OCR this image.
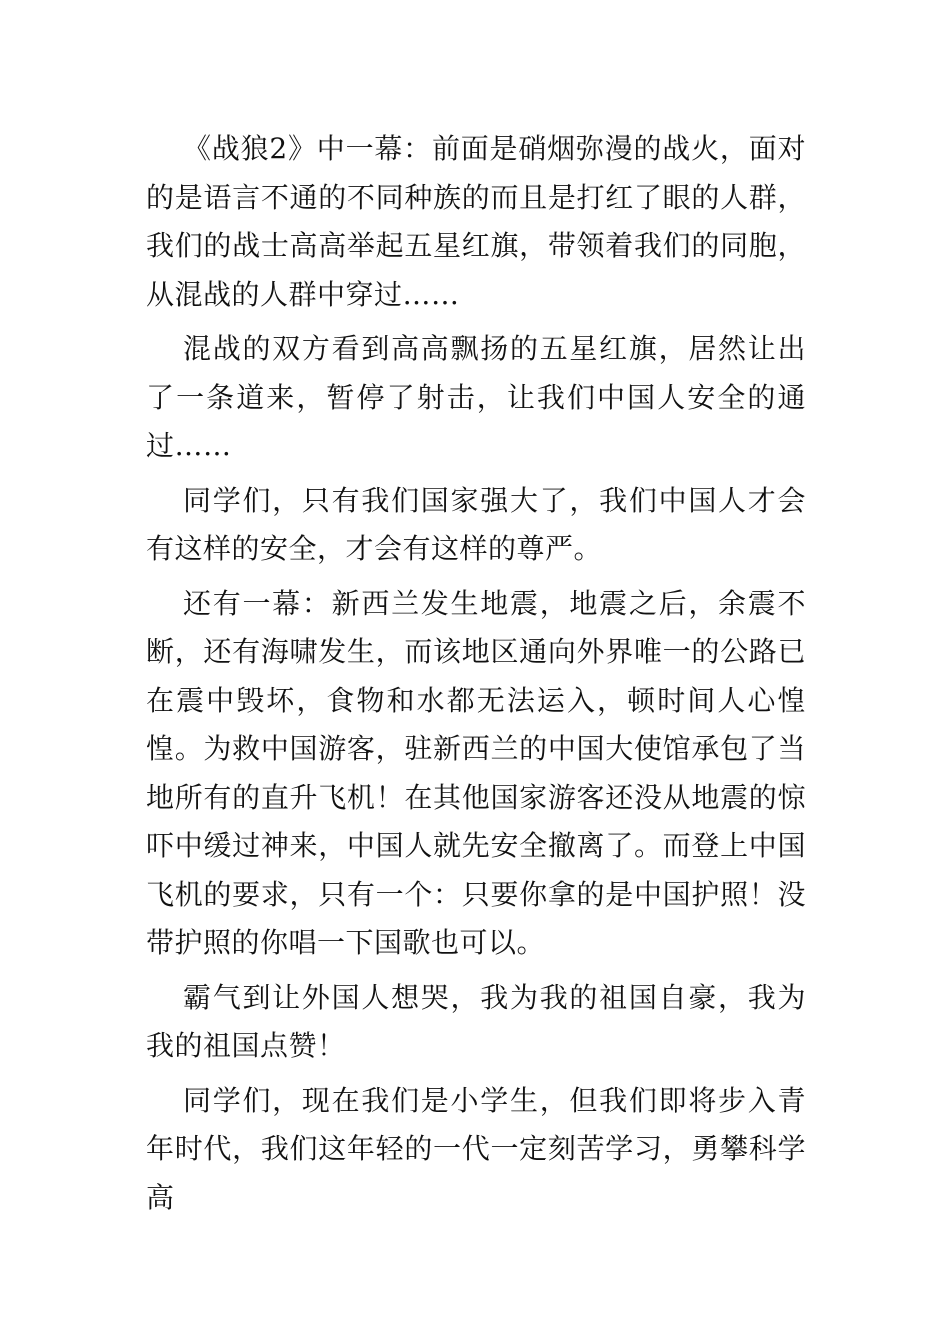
《战狼2》中一幕：前面是硝烟弥漫的战火，面对的是语言不通的不同种族的而且是打红了眼的人群，我们的战士高高举起五星红旗，带领着我们的同胞，从混战的人群中穿过……

混战的双方看到高高飘扬的五星红旗，居然让出了一条道来，暂停了射击，让我们中国人安全的通过……

同学们，只有我们国家强大了，我们中国人才会有这样的安全，才会有这样的尊严。

还有一幕：新西兰发生地震，地震之后，余震不断，还有海啸发生，而该地区通向外界唯一的公路已在震中毁坏，食物和水都无法运入，顿时间人心惶惶。为救中国游客，驻新西兰的中国大使馆承包了当地所有的直升飞机！在其他国家游客还没从地震的惊吓中缓过神来，中国人就先安全撤离了。而登上中国飞机的要求，只有一个：只要你拿的是中国护照！没带护照的你唱一下国歌也可以。

霸气到让外国人想哭，我为我的祖国自豪，我为我的祖国点赞！

同学们，现在我们是小学生，但我们即将步入青年时代，我们这年轻的一代一定刻苦学习，勇攀科学高
